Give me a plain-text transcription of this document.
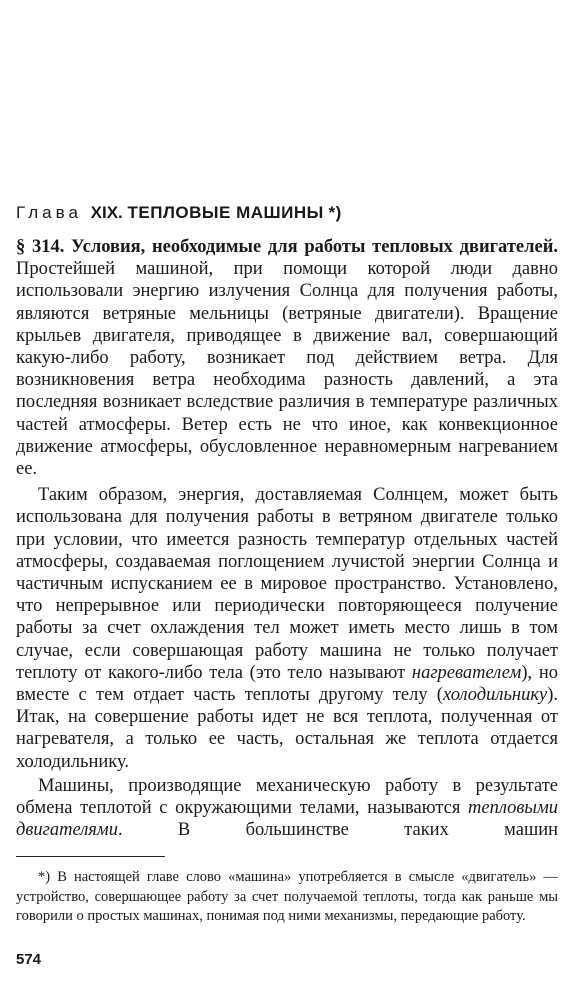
Глава XIX. ТЕПЛОВЫЕ МАШИНЫ *)

§ 314. Условия, необходимые для работы тепловых двигателей. Простейшей машиной, при помощи которой люди давно использовали энергию излучения Солнца для получения работы, являются ветряные мельницы (ветряные двигатели). Вращение крыльев двигателя, приводящее в движение вал, совершающий какую-либо работу, возникает под действием ветра. Для возникновения ветра необходима разность давлений, а эта последняя возникает вследствие различия в температуре различных частей атмосферы. Ветер есть не что иное, как конвекционное движение атмосферы, обусловленное неравномерным нагреванием ее.

Таким образом, энергия, доставляемая Солнцем, может быть использована для получения работы в ветряном двигателе только при условии, что имеется разность температур отдельных частей атмосферы, создаваемая поглощением лучистой энергии Солнца и частичным испусканием ее в мировое пространство. Установлено, что непрерывное или периодически повторяющееся получение работы за счет охлаждения тел может иметь место лишь в том случае, если совершающая работу машина не только получает теплоту от какого-либо тела (это тело называют нагревателем), но вместе с тем отдает часть теплоты другому телу (холодильнику). Итак, на совершение работы идет не вся теплота, полученная от нагревателя, а только ее часть, остальная же теплота отдается холодильнику.

Машины, производящие механическую работу в результате обмена теплотой с окружающими телами, называются тепловыми двигателями. В большинстве таких машин

*) В настоящей главе слово «машина» употребляется в смысле «двигатель» — устройство, совершающее работу за счет получаемой теплоты, тогда как раньше мы говорили о простых машинах, понимая под ними механизмы, передающие работу.

574
